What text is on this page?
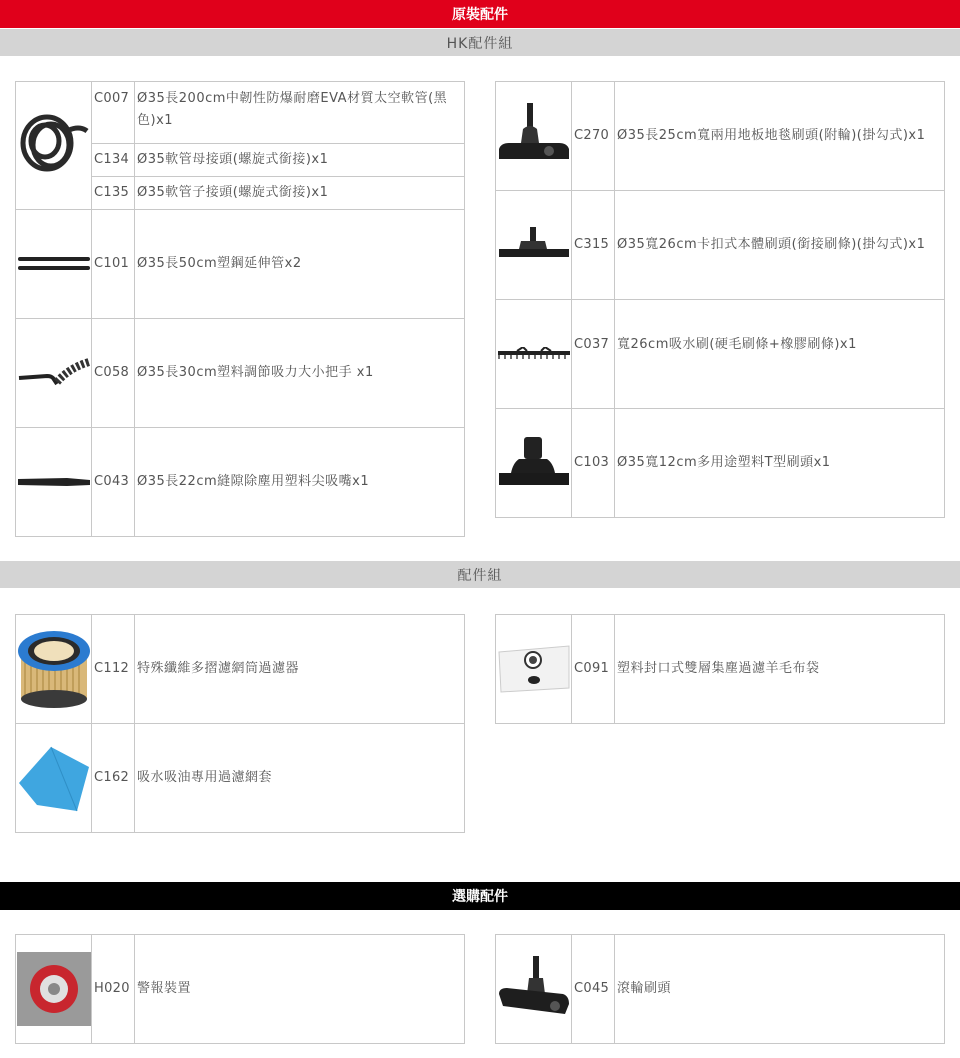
原裝配件
HK配件組
	C007	Ø35長200cm中韌性防爆耐磨EVA材質太空軟管(黑色)x1
	C134	Ø35軟管母接頭(螺旋式銜接)x1
	C135	Ø35軟管子接頭(螺旋式銜接)x1

	C101	Ø35長50cm塑鋼延伸管x2

	C058	Ø35長30cm塑料調節吸力大小把手 x1

	C043	Ø35長22cm縫隙除塵用塑料尖吸嘴x1
	C270	Ø35長25cm寬兩用地板地毯刷頭(附輪)(掛勾式)x1

	C315	Ø35寬26cm卡扣式本體刷頭(銜接刷條)(掛勾式)x1

	C037	寬26cm吸水刷(硬毛刷條+橡膠刷條)x1

	C103	Ø35寬12cm多用途塑料T型刷頭x1
配件組
	C112	特殊纖維多摺濾網筒過濾器

	C162	吸水吸油專用過濾網套
	C091	塑料封口式雙層集塵過濾羊毛布袋
選購配件
	H020	警報裝置
		C045	滾輪刷頭
